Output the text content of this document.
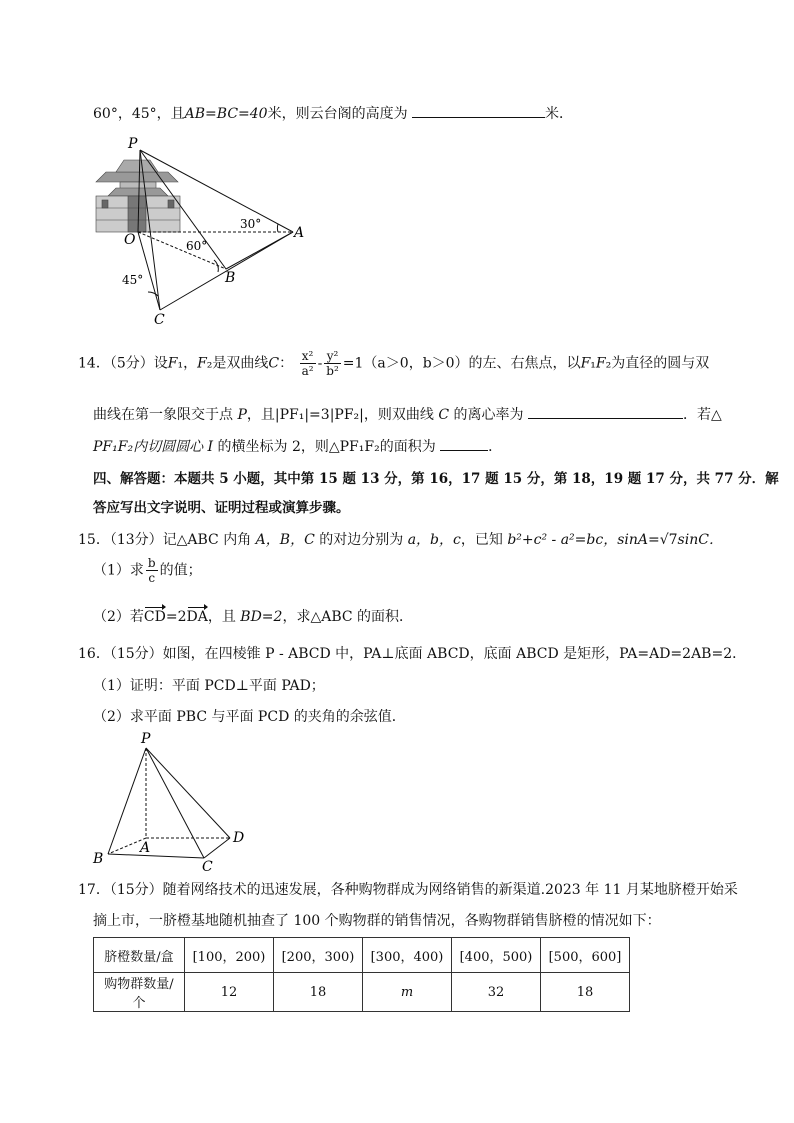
60°，45°，且AB=BC=40米，则云台阁的高度为	米．
P
O	A
B
C
30°
60°
45°
14．（5分）设F₁，F₂是双曲线C： $\frac{\text{x²}}{\text{a²}} - \frac{\text{y²}}{\text{b²}} =1(a>0$，b＞0）的左、右焦点，以F₁F₂为直径的圆与双
曲线在第一象限交于点 P，且|PF₁|=3|PF₂|，则双曲线 C 的离心率为	．若△
PF₁F₂内切圆圆心 I 的横坐标为 2，则△PF₁F₂的面积为	．
四、解答题：本题共 5 小题，其中第 15 题 13 分，第 16，17 题 15 分，第 18，19 题 17 分，共 77 分．解
答应写出文字说明、证明过程或演算步骤。
15．（13分）记△ABC 内角 A，B，C 的对边分别为 a，b，c，已知 b²+c² - a²=bc，sinA=√7sinC．
（1）求 $\frac{b}{c}$ 的值；
（2）若CD=2DA，且 BD=2，求△ABC 的面积．
16．（15分）如图，在四棱锥 P - ABCD 中，PA⊥底面 ABCD，底面 ABCD 是矩形，PA=AD=2AB=2．
（1）证明：平面 PCD⊥平面 PAD；
（2）求平面 PBC 与平面 PCD 的夹角的余弦值．
P
A
B	C
D
17．（15分）随着网络技术的迅速发展，各种购物群成为网络销售的新渠道.2023 年 11 月某地脐橙开始采
摘上市，一脐橙基地随机抽查了 100 个购物群的销售情况，各购物群销售脐橙的情况如下：
脐橙数量/盒	[100，200)	[200，300)	[300，400)	[400，500)	[500，600]
购物群数量/个	12	18	m	32	18
